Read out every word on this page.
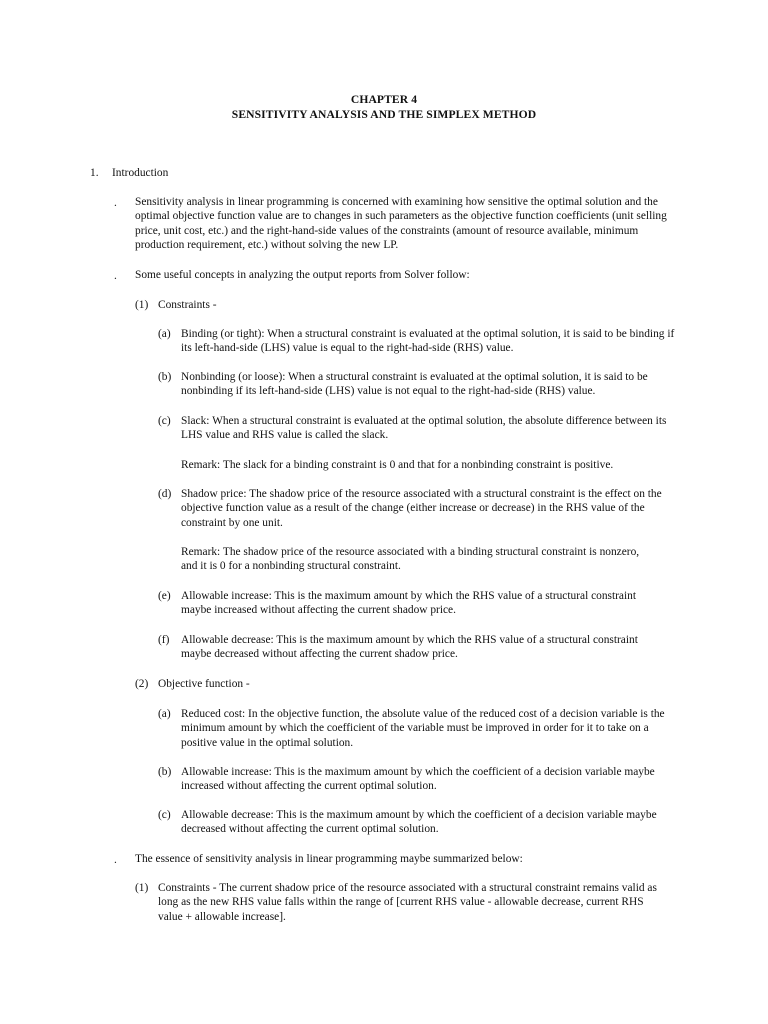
CHAPTER 4
SENSITIVITY ANALYSIS AND THE SIMPLEX METHOD
1. Introduction
. Sensitivity analysis in linear programming is concerned with examining how sensitive the optimal solution and the optimal objective function value are to changes in such parameters as the objective function coefficients (unit selling price, unit cost, etc.) and the right-hand-side values of the constraints (amount of resource available, minimum production requirement, etc.) without solving the new LP.

. Some useful concepts in analyzing the output reports from Solver follow:

(1) Constraints -
(a) Binding (or tight): When a structural constraint is evaluated at the optimal solution, it is said to be binding if its left-hand-side (LHS) value is equal to the right-had-side (RHS) value.

(b) Nonbinding (or loose): When a structural constraint is evaluated at the optimal solution, it is said to be nonbinding if its left-hand-side (LHS) value is not equal to the right-had-side (RHS) value.

(c) Slack: When a structural constraint is evaluated at the optimal solution, the absolute difference between its LHS value and RHS value is called the slack.

Remark: The slack for a binding constraint is 0 and that for a nonbinding constraint is positive.

(d) Shadow price: The shadow price of the resource associated with a structural constraint is the effect on the objective function value as a result of the change (either increase or decrease) in the RHS value of the constraint by one unit.

Remark: The shadow price of the resource associated with a binding structural constraint is nonzero, and it is 0 for a nonbinding structural constraint.

(e) Allowable increase: This is the maximum amount by which the RHS value of a structural constraint maybe increased without affecting the current shadow price.

(f) Allowable decrease: This is the maximum amount by which the RHS value of a structural constraint maybe decreased without affecting the current shadow price.

(2) Objective function -
(a) Reduced cost: In the objective function, the absolute value of the reduced cost of a decision variable is the minimum amount by which the coefficient of the variable must be improved in order for it to take on a positive value in the optimal solution.

(b) Allowable increase: This is the maximum amount by which the coefficient of a decision variable maybe increased without affecting the current optimal solution.

(c) Allowable decrease: This is the maximum amount by which the coefficient of a decision variable maybe decreased without affecting the current optimal solution.

. The essence of sensitivity analysis in linear programming maybe summarized below:

(1) Constraints - The current shadow price of the resource associated with a structural constraint remains valid as long as the new RHS value falls within the range of [current RHS value - allowable decrease, current RHS value + allowable increase].
